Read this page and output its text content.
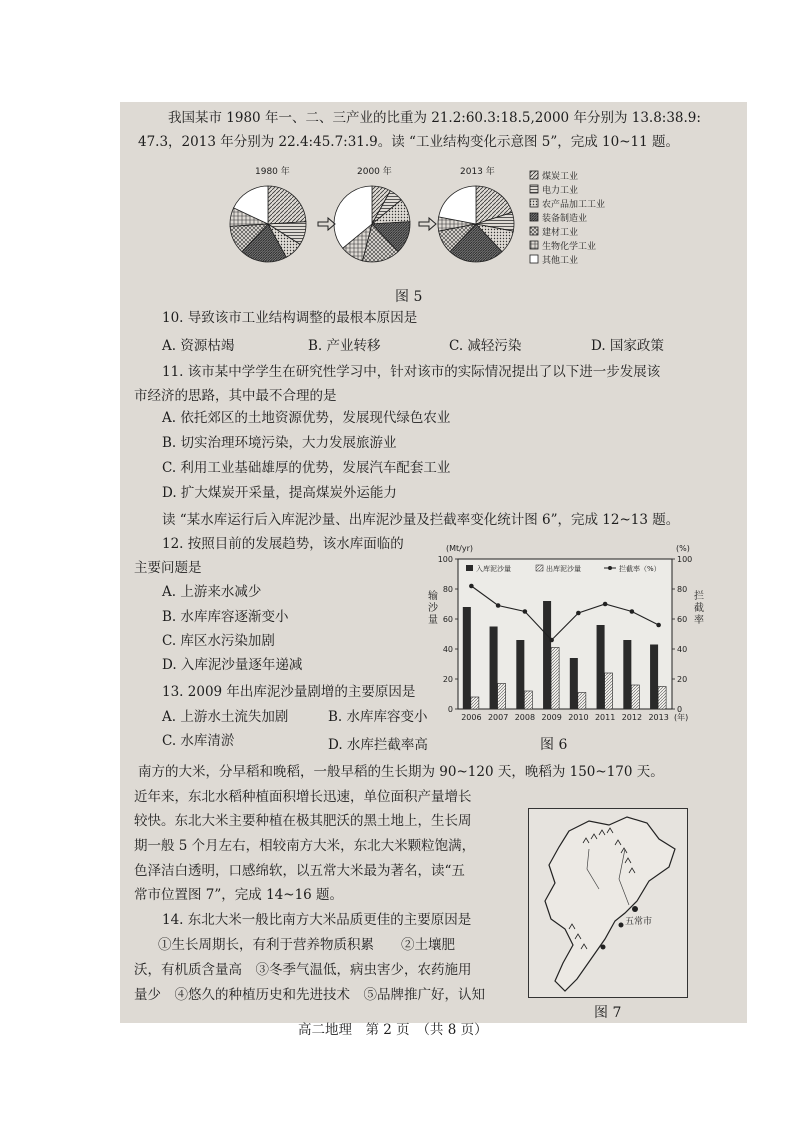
我国某市 1980 年一、二、三产业的比重为 21.2:60.3:18.5,2000 年分别为 13.8:38.9:
47.3，2013 年分别为 22.4:45.7:31.9。读 “工业结构变化示意图 5”，完成 10~11 题。
1980 年	2000 年	2013 年	煤炭工业
电力工业
农产品加工工业
装备制造业
建材工业
生物化学工业
其他工业
图 5
10. 导致该市工业结构调整的最根本原因是
A. 资源枯竭	B. 产业转移	C. 减轻污染	D. 国家政策
11. 该市某中学学生在研究性学习中，针对该市的实际情况提出了以下进一步发展该
市经济的思路，其中最不合理的是
A. 依托郊区的土地资源优势，发展现代绿色农业
B. 切实治理环境污染，大力发展旅游业
C. 利用工业基础雄厚的优势，发展汽车配套工业
D. 扩大煤炭开采量，提高煤炭外运能力
读 “某水库运行后入库泥沙量、出库泥沙量及拦截率变化统计图 6”，完成 12~13 题。
12. 按照目前的发展趋势，该水库面临的
主要问题是
A. 上游来水减少
B. 水库库容逐渐变小
C. 库区水污染加剧
D. 入库泥沙量逐年递减
13. 2009 年出库泥沙量剧增的主要原因是
A. 上游水土流失加剧	B. 水库库容变小
C. 水库清淤	D. 水库拦截率高
0	0
20	20
40	40
60	60
80	80
100	100
(Mt/yr)	(%)
输
沙
量
拦
截
率
2006 2007 2008 2009 2010 2011 2012 2013 (年)
入库泥沙量	出库泥沙量	拦截率（%）
图 6
南方的大米，分早稻和晚稻，一般早稻的生长期为 90~120 天，晚稻为 150~170 天。
近年来，东北水稻种植面积增长迅速，单位面积产量增长
较快。东北大米主要种植在极其肥沃的黑土地上，生长周
期一般 5 个月左右，相较南方大米，东北大米颗粒饱满，
色泽洁白透明，口感绵软，以五常大米最为著名，读“五
常市位置图 7”，完成 14~16 题。
14. 东北大米一般比南方大米品质更佳的主要原因是
①生长周期长，有利于营养物质积累　　②土壤肥
沃，有机质含量高　③冬季气温低，病虫害少，农药施用
量少　④悠久的种植历史和先进技术　⑤品牌推广好，认知
五常市
图 7
高二地理　第 2 页　（共 8 页）
